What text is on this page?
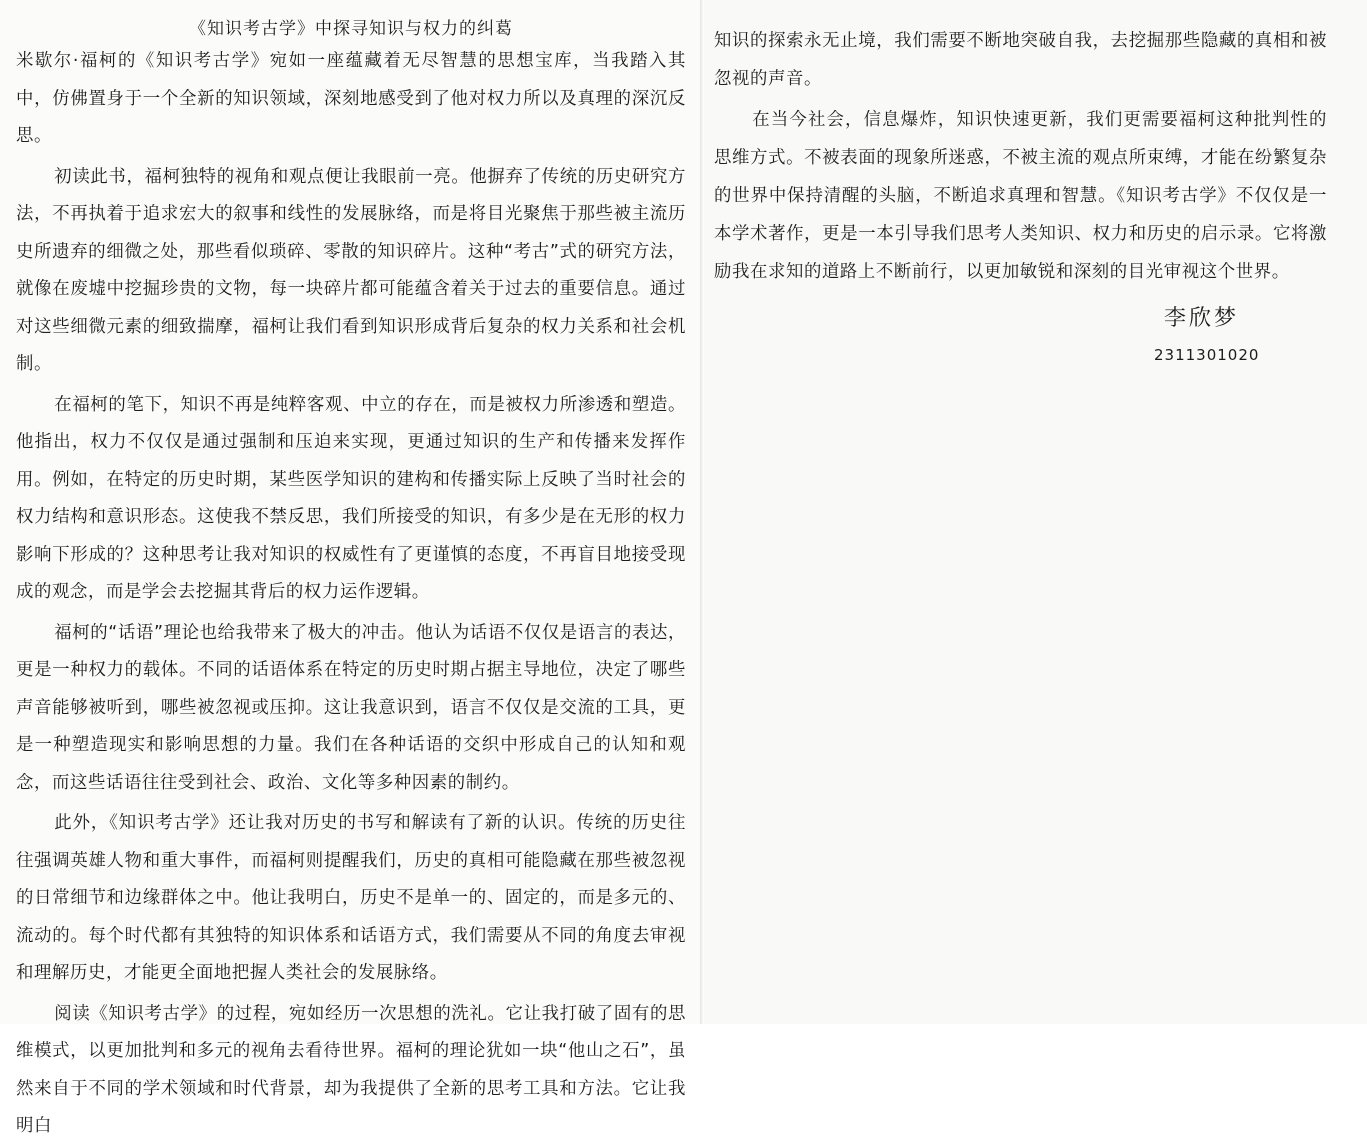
《知识考古学》中探寻知识与权力的纠葛

米歇尔·福柯的《知识考古学》宛如一座蕴藏着无尽智慧的思想宝库，当我踏入其中，仿佛置身于一个全新的知识领域，深刻地感受到了他对权力所以及真理的深沉反思。

初读此书，福柯独特的视角和观点便让我眼前一亮。他摒弃了传统的历史研究方法，不再执着于追求宏大的叙事和线性的发展脉络，而是将目光聚焦于那些被主流历史所遗弃的细微之处，那些看似琐碎、零散的知识碎片。这种“考古”式的研究方法，就像在废墟中挖掘珍贵的文物，每一块碎片都可能蕴含着关于过去的重要信息。通过对这些细微元素的细致揣摩，福柯让我们看到知识形成背后复杂的权力关系和社会机制。

在福柯的笔下，知识不再是纯粹客观、中立的存在，而是被权力所渗透和塑造。他指出，权力不仅仅是通过强制和压迫来实现，更通过知识的生产和传播来发挥作用。例如，在特定的历史时期，某些医学知识的建构和传播实际上反映了当时社会的权力结构和意识形态。这使我不禁反思，我们所接受的知识，有多少是在无形的权力影响下形成的？这种思考让我对知识的权威性有了更谨慎的态度，不再盲目地接受现成的观念，而是学会去挖掘其背后的权力运作逻辑。

福柯的“话语”理论也给我带来了极大的冲击。他认为话语不仅仅是语言的表达，更是一种权力的载体。不同的话语体系在特定的历史时期占据主导地位，决定了哪些声音能够被听到，哪些被忽视或压抑。这让我意识到，语言不仅仅是交流的工具，更是一种塑造现实和影响思想的力量。我们在各种话语的交织中形成自己的认知和观念，而这些话语往往受到社会、政治、文化等多种因素的制约。

此外，《知识考古学》还让我对历史的书写和解读有了新的认识。传统的历史往往强调英雄人物和重大事件，而福柯则提醒我们，历史的真相可能隐藏在那些被忽视的日常细节和边缘群体之中。他让我明白，历史不是单一的、固定的，而是多元的、流动的。每个时代都有其独特的知识体系和话语方式，我们需要从不同的角度去审视和理解历史，才能更全面地把握人类社会的发展脉络。

阅读《知识考古学》的过程，宛如经历一次思想的洗礼。它让我打破了固有的思维模式，以更加批判和多元的视角去看待世界。福柯的理论犹如一块“他山之石”，虽然来自于不同的学术领域和时代背景，却为我提供了全新的思考工具和方法。它让我明白

知识的探索永无止境，我们需要不断地突破自我，去挖掘那些隐藏的真相和被忽视的声音。

在当今社会，信息爆炸，知识快速更新，我们更需要福柯这种批判性的思维方式。不被表面的现象所迷惑，不被主流的观点所束缚，才能在纷繁复杂的世界中保持清醒的头脑，不断追求真理和智慧。《知识考古学》不仅仅是一本学术著作，更是一本引导我们思考人类知识、权力和历史的启示录。它将激励我在求知的道路上不断前行，以更加敏锐和深刻的目光审视这个世界。

李欣梦
2311301020
